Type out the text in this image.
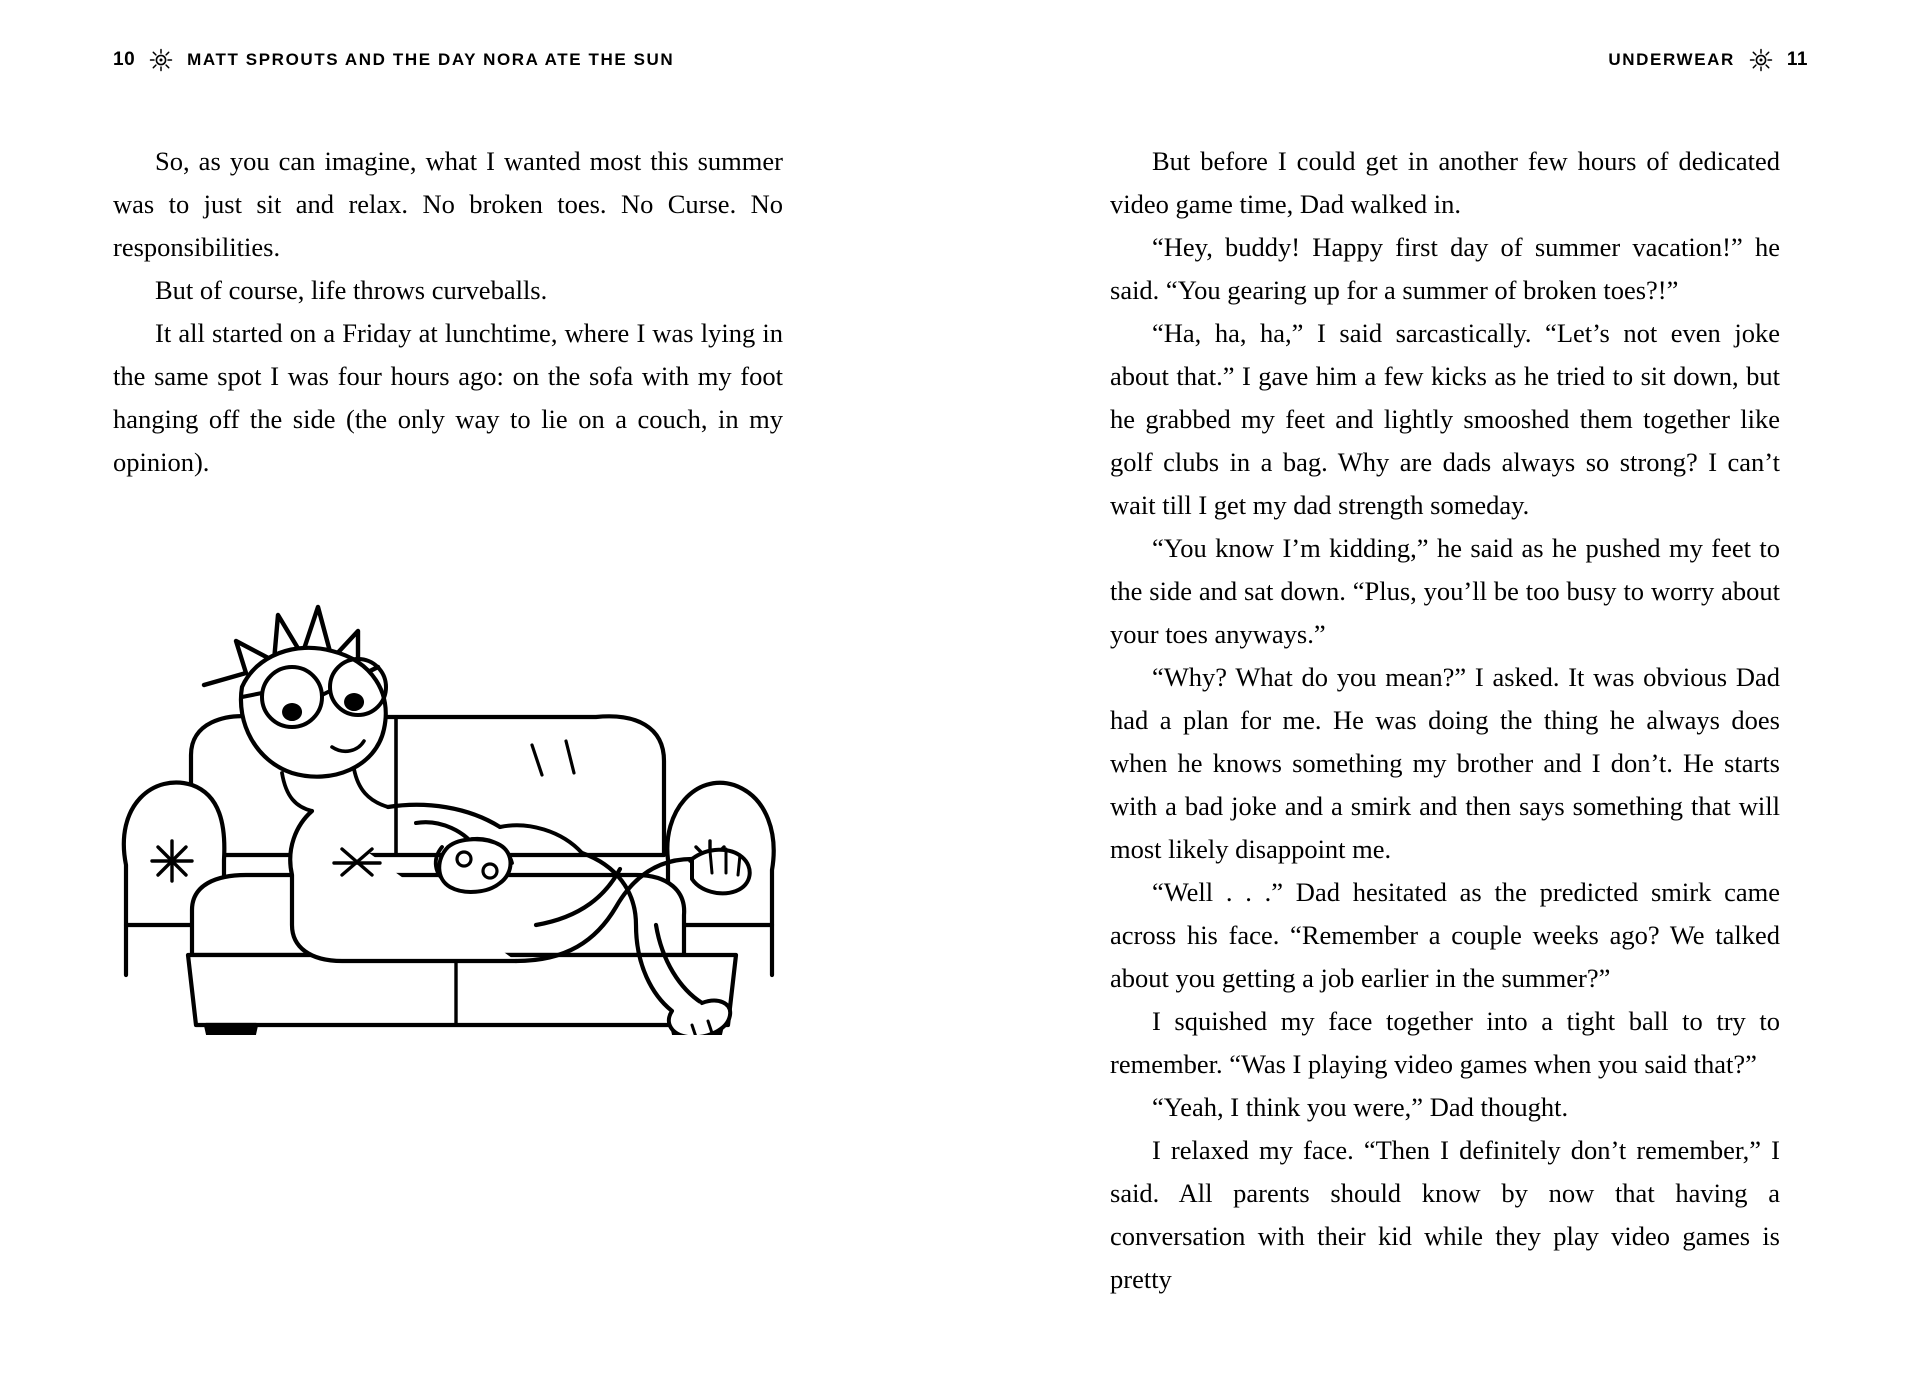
10	MATT SPROUTS AND THE DAY NORA ATE THE SUN	UNDERWEAR	11

So, as you can imagine, what I wanted most this summer was to just sit and relax. No broken toes. No Curse. No responsibilities.

But of course, life throws curveballs.

It all started on a Friday at lunchtime, where I was lying in the same spot I was four hours ago: on the sofa with my foot hanging off the side (the only way to lie on a couch, in my opinion).

But before I could get in another few hours of dedicated video game time, Dad walked in.

“Hey, buddy! Happy first day of summer vacation!” he said. “You gearing up for a summer of broken toes?!”

“Ha, ha, ha,” I said sarcastically. “Let’s not even joke about that.” I gave him a few kicks as he tried to sit down, but he grabbed my feet and lightly smooshed them together like golf clubs in a bag. Why are dads always so strong? I can’t wait till I get my dad strength someday.

“You know I’m kidding,” he said as he pushed my feet to the side and sat down. “Plus, you’ll be too busy to worry about your toes anyways.”

“Why? What do you mean?” I asked. It was obvious Dad had a plan for me. He was doing the thing he always does when he knows something my brother and I don’t. He starts with a bad joke and a smirk and then says something that will most likely disappoint me.

“Well . . .” Dad hesitated as the predicted smirk came across his face. “Remember a couple weeks ago? We talked about you getting a job earlier in the summer?”

I squished my face together into a tight ball to try to remember. “Was I playing video games when you said that?”

“Yeah, I think you were,” Dad thought.

I relaxed my face. “Then I definitely don’t remember,” I said. All parents should know by now that having a conversation with their kid while they play video games is pretty
